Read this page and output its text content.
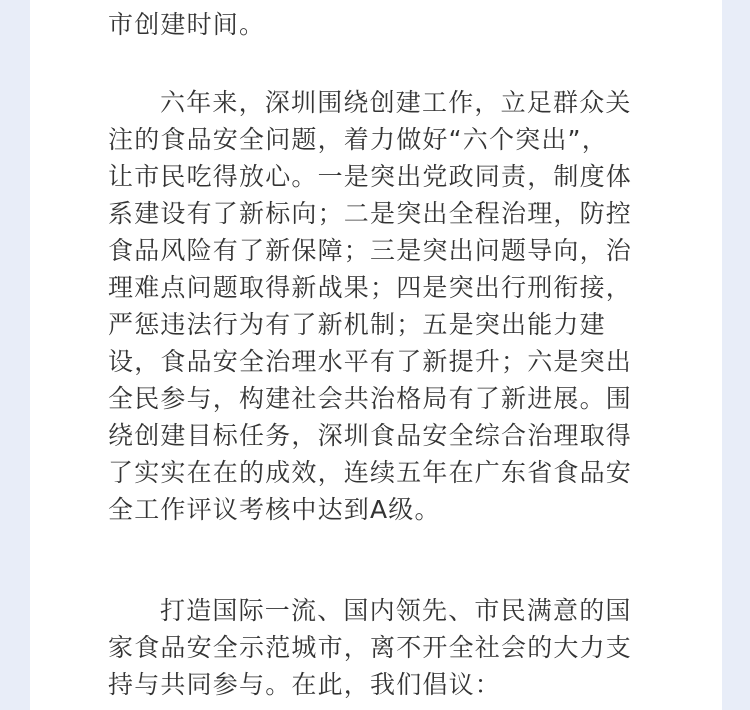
市创建时间。
六年来，深圳围绕创建工作，立足群众关
注的食品安全问题，着力做好“六个突出”，
让市民吃得放心。一是突出党政同责，制度体
系建设有了新标向；二是突出全程治理，防控
食品风险有了新保障；三是突出问题导向，治
理难点问题取得新战果；四是突出行刑衔接，
严惩违法行为有了新机制；五是突出能力建
设，食品安全治理水平有了新提升；六是突出
全民参与，构建社会共治格局有了新进展。围
绕创建目标任务，深圳食品安全综合治理取得
了实实在在的成效，连续五年在广东省食品安
全工作评议考核中达到A级。
打造国际一流、国内领先、市民满意的国
家食品安全示范城市，离不开全社会的大力支
持与共同参与。在此，我们倡议：
